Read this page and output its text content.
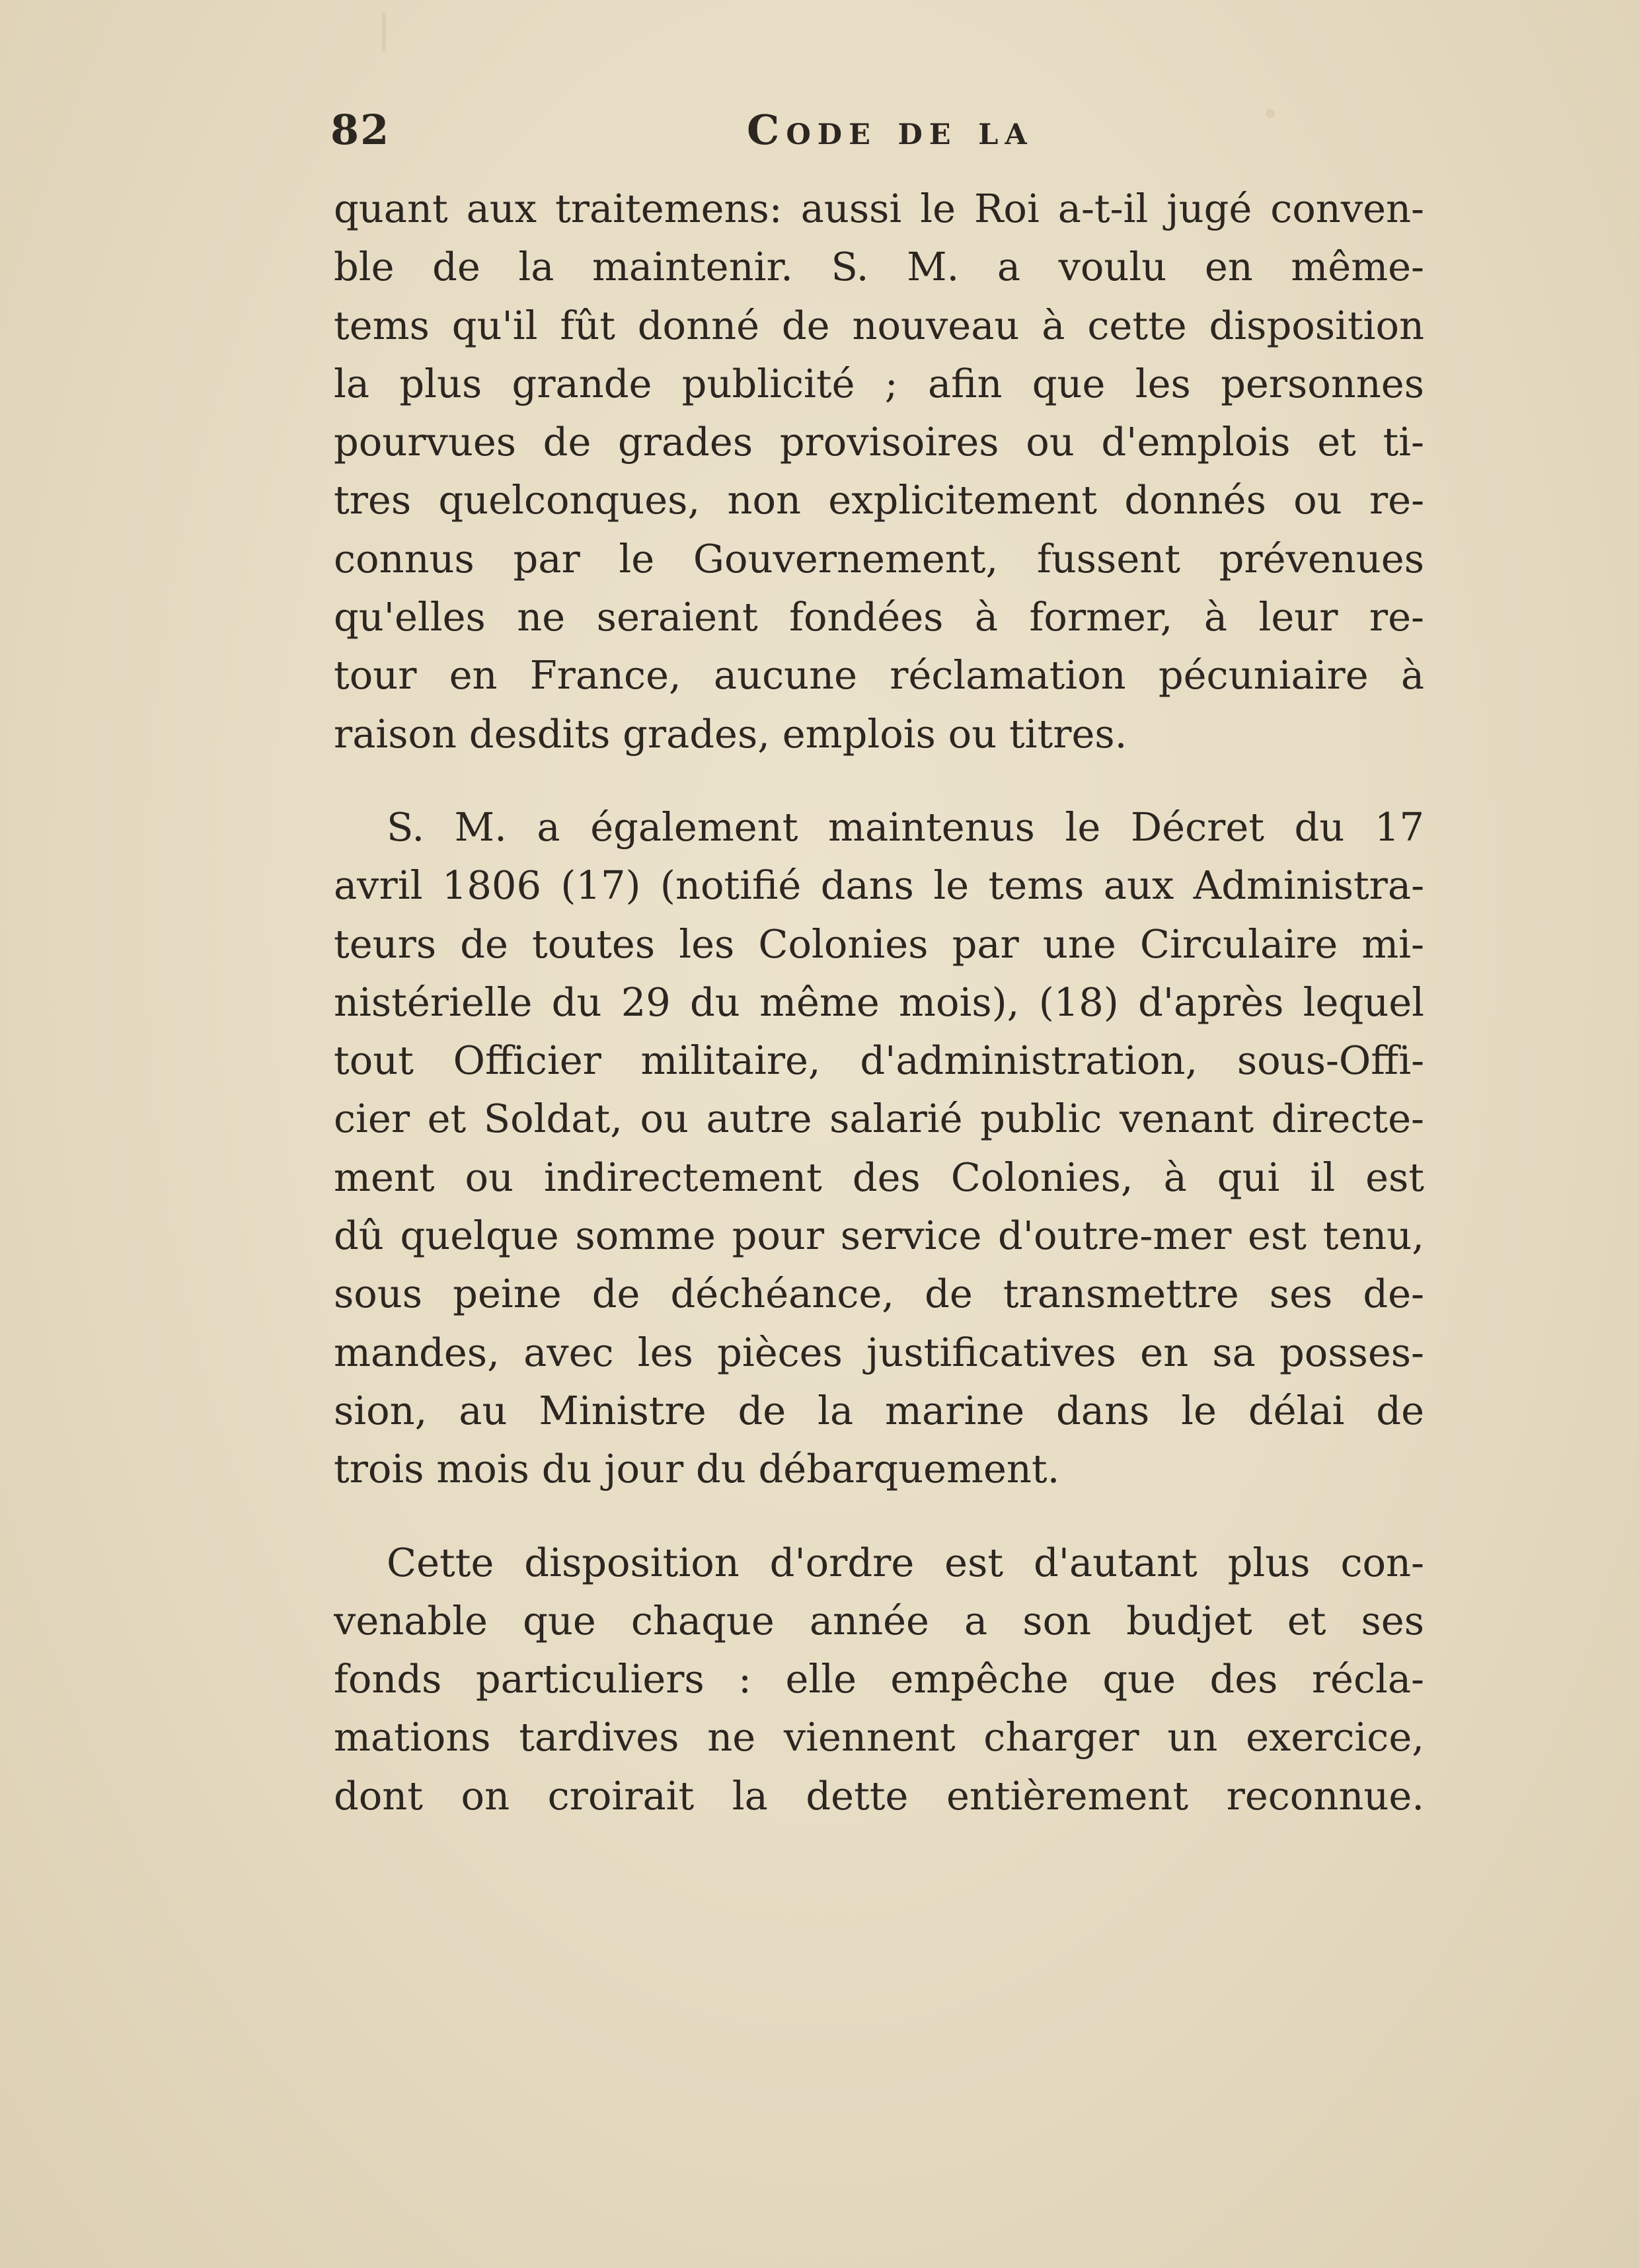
82	Code de la
quant aux traitemens: aussi le Roi a-t-il jugé conven-
ble de la maintenir. S. M. a voulu en même-
tems qu'il fût donné de nouveau à cette disposition
la plus grande publicité ; afin que les personnes
pourvues de grades provisoires ou d'emplois et ti-
tres quelconques, non explicitement donnés ou re-
connus par le Gouvernement, fussent prévenues
qu'elles ne seraient fondées à former, à leur re-
tour en France, aucune réclamation pécuniaire à
raison desdits grades, emplois ou titres.
S. M. a également maintenus le Décret du 17
avril 1806 (17) (notifié dans le tems aux Administra-
teurs de toutes les Colonies par une Circulaire mi-
nistérielle du 29 du même mois), (18) d'après lequel
tout Officier militaire, d'administration, sous-Offi-
cier et Soldat, ou autre salarié public venant directe-
ment ou indirectement des Colonies, à qui il est
dû quelque somme pour service d'outre-mer est tenu,
sous peine de déchéance, de transmettre ses de-
mandes, avec les pièces justificatives en sa posses-
sion, au Ministre de la marine dans le délai de
trois mois du jour du débarquement.
Cette disposition d'ordre est d'autant plus con-
venable que chaque année a son budjet et ses
fonds particuliers : elle empêche que des récla-
mations tardives ne viennent charger un exercice,
dont on croirait la dette entièrement reconnue.
